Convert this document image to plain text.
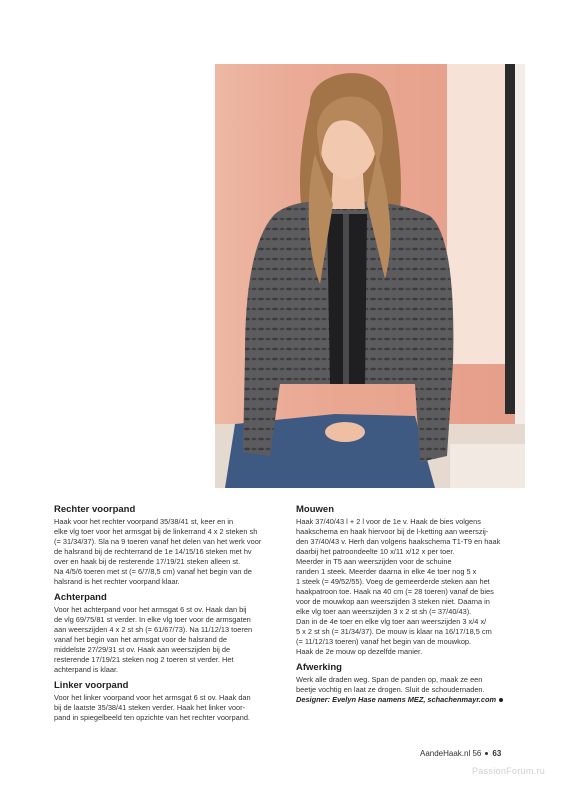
Rechter voorpand

Haak voor het rechter voorpand 35/38/41 st, keer en in
elke vlg toer voor het armsgat bij de linkerrand 4 x 2 steken sh
(= 31/34/37). Sla na 9 toeren vanaf het delen van het werk voor
de halsrand bij de rechterrand de 1e 14/15/16 steken met hv
over en haak bij de resterende 17/19/21 steken alleen st.
Na 4/5/6 toeren met st (= 6/7/8,5 cm) vanaf het begin van de
halsrand is het rechter voorpand klaar.

Achterpand

Voor het achterpand voor het armsgat 6 st ov. Haak dan bij
de vlg 69/75/81 st verder. In elke vlg toer voor de armsgaten
aan weerszijden 4 x 2 st sh (= 61/67/73). Na 11/12/13 toeren
vanaf het begin van het armsgat voor de halsrand de
middelste 27/29/31 st ov. Haak aan weerszijden bij de
resterende 17/19/21 steken nog 2 toeren st verder. Het
achterpand is klaar.

Linker voorpand

Voor het linker voorpand voor het armsgat 6 st ov. Haak dan
bij de laatste 35/38/41 steken verder. Haak het linker voor-
pand in spiegelbeeld ten opzichte van het rechter voorpand.

Mouwen

Haak 37/40/43 l + 2 l voor de 1e v. Haak de bies volgens
haakschema en haak hiervoor bij de l-ketting aan weerszij-
den 37/40/43 v. Herh dan volgens haakschema T1-T9 en haak
daarbij het patroondeelte 10 x/11 x/12 x per toer.
Meerder in T5 aan weerszijden voor de schuine
randen 1 steek. Meerder daarna in elke 4e toer nog 5 x
1 steek (= 49/52/55). Voeg de gemeerderde steken aan het
haakpatroon toe. Haak na 40 cm (= 28 toeren) vanaf de bies
voor de mouwkop aan weerszijden 3 steken niet. Daarna in
elke vlg toer aan weerszijden 3 x 2 st sh (= 37/40/43).
Dan in de 4e toer en elke vlg toer aan weerszijden 3 x/4 x/
5 x 2 st sh (= 31/34/37). De mouw is klaar na 16/17/18,5 cm
(= 11/12/13 toeren) vanaf het begin van de mouwkop.
Haak de 2e mouw op dezelfde manier.

Afwerking

Werk alle draden weg. Span de panden op, maak ze een
beetje vochtig en laat ze drogen. Sluit de schoudernaden.

Designer: Evelyn Hase namens MEZ, schachenmayr.com

AandeHaak.nl 56 63
PassionForum.ru
